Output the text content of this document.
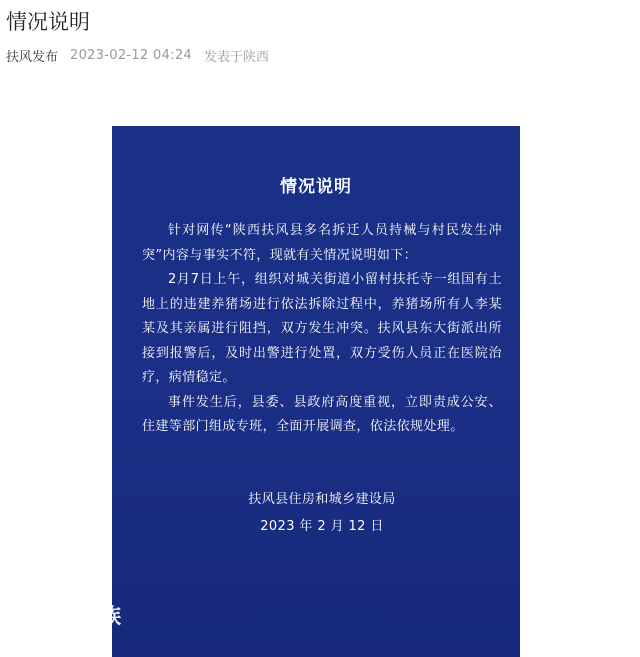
情况说明
扶风发布 2023-02-12 04:24 发表于陕西
情况说明

针对网传“陕西扶风县多名拆迁人员持械与村民发生冲突”内容与事实不符，现就有关情况说明如下：

2月7日上午，组织对城关街道小留村扶托寺一组国有土地上的违建养猪场进行依法拆除过程中，养猪场所有人李某某及其亲属进行阻挡，双方发生冲突。扶风县东大街派出所接到报警后，及时出警进行处置，双方受伤人员正在医院治疗，病情稳定。

事件发生后，县委、县政府高度重视，立即责成公安、住建等部门组成专班，全面开展调查，依法依规处理。

扶风县住房和城乡建设局
2023 年 2 月 12 日
族
